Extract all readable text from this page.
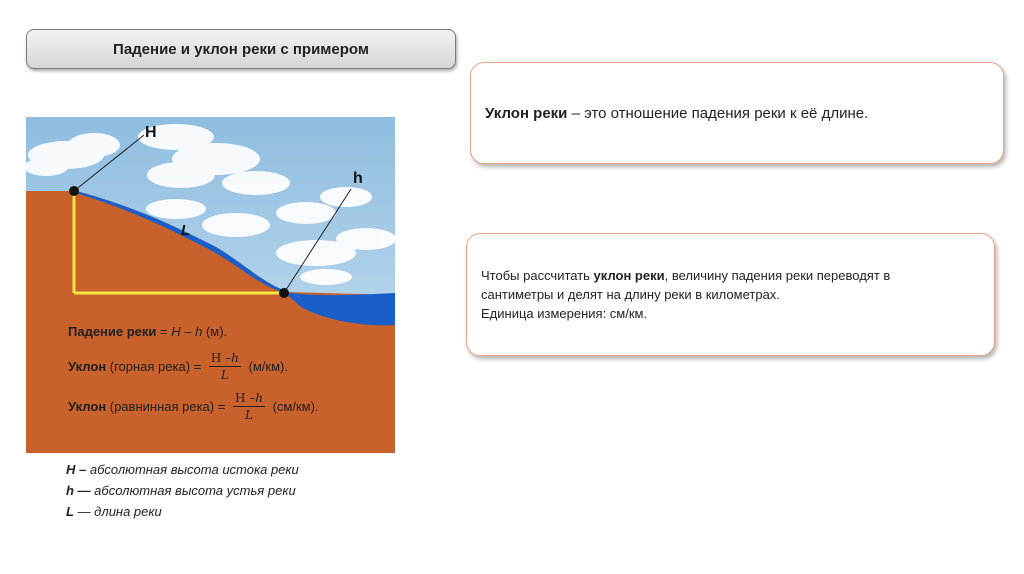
Падение и уклон реки с примером
Уклон реки – это отношение падения реки к её длине.
Чтобы рассчитать уклон реки, величину падения реки переводят в
сантиметры и делят на длину реки в километрах.
Единица измерения: см/км.
H
h
L
Падение реки = H – h (м).
Уклон (горная река) = $\frac{\text{Н –ℎ}}{L} (м/км)$.
Уклон (равнинная река) = $\frac{\text{Н –ℎ}}{L} (см/км)$.
H – абсолютная высота истока реки
h — абсолютная высота устья реки
L — длина реки
